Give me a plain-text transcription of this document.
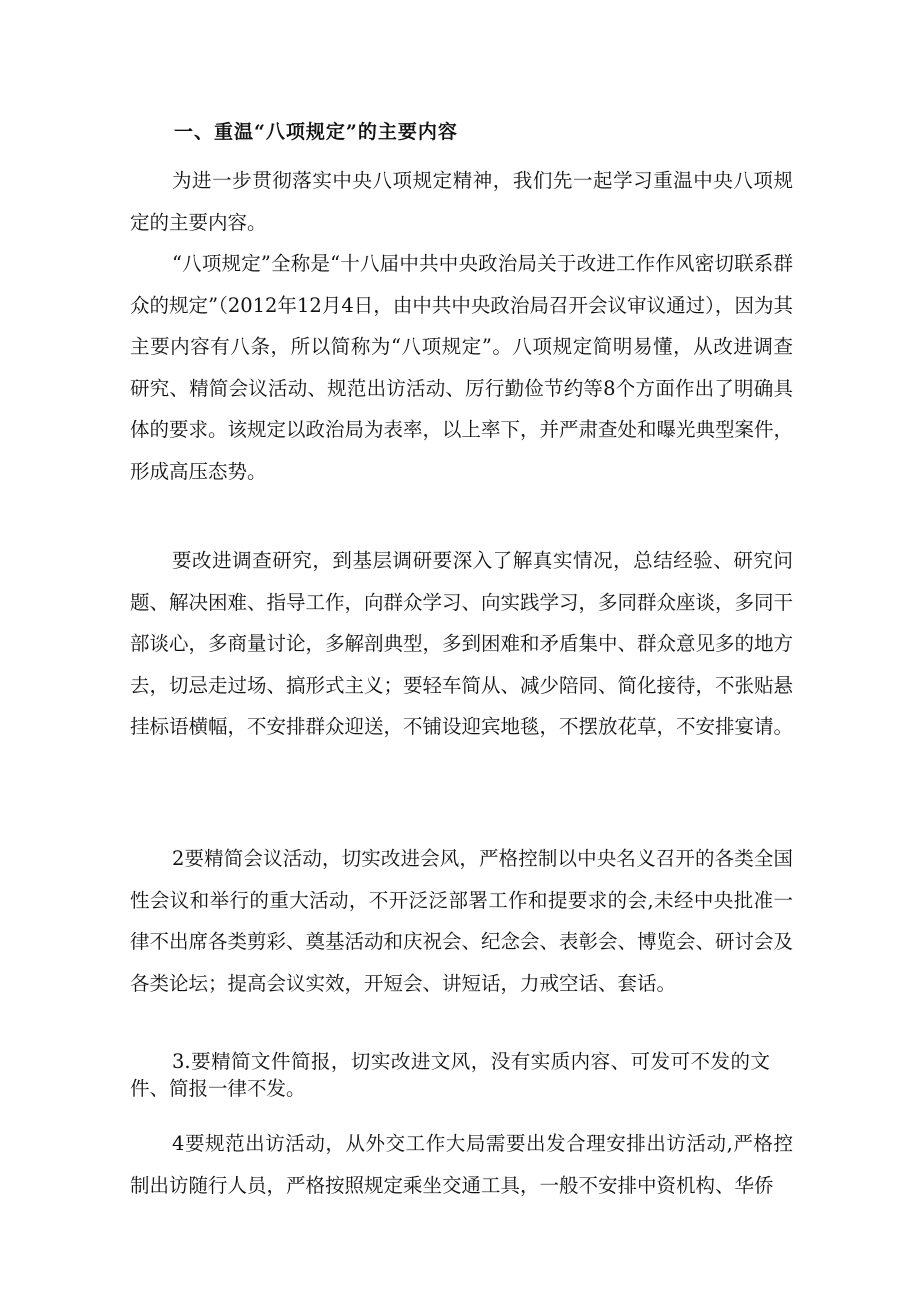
一、重温“八项规定”的主要内容

为进一步贯彻落实中央八项规定精神，我们先一起学习重温中央八项规定的主要内容。

“八项规定”全称是“十八届中共中央政治局关于改进工作作风密切联系群众的规定”（2012年12月4日，由中共中央政治局召开会议审议通过），因为其主要内容有八条，所以简称为“八项规定”。八项规定简明易懂，从改进调查研究、精简会议活动、规范出访活动、厉行勤俭节约等8个方面作出了明确具体的要求。该规定以政治局为表率，以上率下，并严肃查处和曝光典型案件，形成高压态势。

要改进调查研究，到基层调研要深入了解真实情况，总结经验、研究问题、解决困难、指导工作，向群众学习、向实践学习，多同群众座谈，多同干部谈心，多商量讨论，多解剖典型，多到困难和矛盾集中、群众意见多的地方去，切忌走过场、搞形式主义；要轻车简从、减少陪同、简化接待，不张贴悬挂标语横幅，不安排群众迎送，不铺设迎宾地毯，不摆放花草，不安排宴请。

2要精简会议活动，切实改进会风，严格控制以中央名义召开的各类全国性会议和举行的重大活动，不开泛泛部署工作和提要求的会,未经中央批准一律不出席各类剪彩、奠基活动和庆祝会、纪念会、表彰会、博览会、研讨会及各类论坛；提高会议实效，开短会、讲短话，力戒空话、套话。

3.要精简文件简报，切实改进文风，没有实质内容、可发可不发的文件、简报一律不发。

4要规范出访活动，从外交工作大局需要出发合理安排出访活动,严格控制出访随行人员，严格按照规定乘坐交通工具，一般不安排中资机构、华侨
